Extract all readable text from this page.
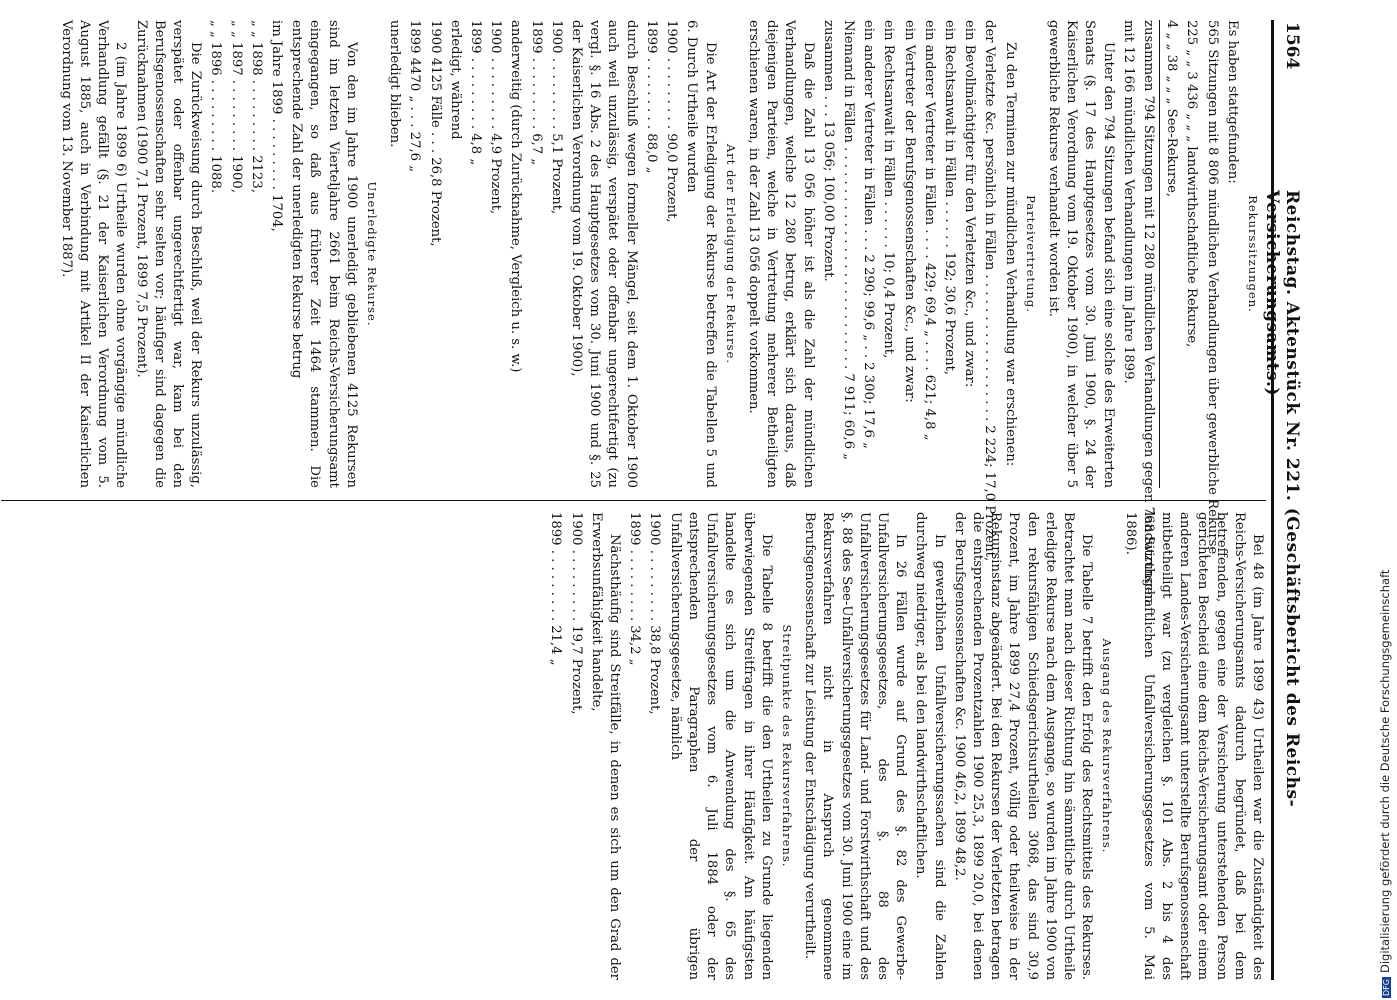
1564
Reichstag. Aktenstück Nr. 221. (Geschäftsbericht des Reichs-Versicherungsamts.)

Rekurssitzungen.

Es haben stattgefunden:

565 Sitzungen mit 8 806 mündlichen Verhandlungen über gewerbliche Rekurse,

225 „ „ 3 436 „ „ „ landwirthschaftliche Rekurse,

4 „ „ 38 „ „ „ See-Rekurse,

zusammen 794 Sitzungen mit 12 280 mündlichen Verhandlungen gegen 768 Sitzungen

mit 12 166 mündlichen Verhandlungen im Jahre 1899.

Unter den 794 Sitzungen befand sich eine solche des Erweiterten Senats (§. 17 des Hauptgesetzes vom 30. Juni 1900, §. 24 der Kaiserlichen Verordnung vom 19. Oktober 1900), in welcher über 5 gewerbliche Rekurse verhandelt worden ist.

Parteivertretung.

Zu den Terminen zur mündlichen Verhandlung war erschienen:

der Verletzte &c. persönlich in Fällen . . . . . . . . . . . . . . . . . . 2 224; 17,0 Prozent,

ein Bevollmächtigter für den Verletzten &c., und zwar:

ein Rechtsanwalt in Fällen . . . . . . 192; 30,6 Prozent,

ein anderer Vertreter in Fällen . . . . 429; 69,4 „ . . . . 621; 4,8 „

ein Vertreter der Berufsgenossenschaften &c., und zwar:

ein Rechtsanwalt in Fällen . . . . . . 10; 0,4 Prozent,

ein anderer Vertreter in Fällen . . . 2 290; 99,6 „ . . 2 300; 17,6 „

Niemand in Fällen . . . . . . . . . . . . . . . . . . . . . . . . . . . 7 911; 60,6 „

zusammen . . . 13 056; 100,00 Prozent.

Daß die Zahl 13 056 höher ist als die Zahl der mündlichen Verhandlungen, welche 12 280 betrug, erklärt sich daraus, daß diejenigen Parteien, welche in Vertretung mehrerer Betheiligten erschienen waren, in der Zahl 13 056 doppelt vorkommen.

Art der Erledigung der Rekurse.

Die Art der Erledigung der Rekurse betreffen die Tabellen 5 und 6. Durch Urtheile wurden

1900 . . . . . . . . . 90,0 Prozent,

1899 . . . . . . . . . 88,0 „

durch Beschluß wegen formeller Mängel, seit dem 1. Oktober 1900 auch weil unzulässig, verspätet oder offenbar ungerechtfertigt (zu vergl. §. 16 Abs. 2 des Hauptgesetzes vom 30. Juni 1900 und §. 25 der Kaiserlichen Verordnung vom 19. Oktober 1900),

1900 . . . . . . . . . 5,1 Prozent,

1899 . . . . . . . . . 6,7 „

anderweitig (durch Zurücknahme, Vergleich u. s. w.)

1900 . . . . . . . . . 4,9 Prozent,

1899 . . . . . . . . . 4,8 „

erledigt, während

1900 4125 Fälle . . . 26,8 Prozent,

1899 4470 „ . . . 27,6 „

unerledigt blieben.

Unerledigte Rekurse.

Von den im Jahre 1900 unerledigt gebliebenen 4125 Rekursen sind im letzten Vierteljahre 2661 beim Reichs-Versicherungsamt eingegangen, so daß aus früherer Zeit 1464 stammen. Die entsprechende Zahl der unerledigten Rekurse betrug

im Jahre 1899 . . . . . . . . . 1704,

„ „ 1898 . . . . . . . . . 2123,

„ „ 1897 . . . . . . . . . 1900,

„ „ 1896 . . . . . . . . . 1088.

Die Zurückweisung durch Beschluß, weil der Rekurs unzulässig, verspätet oder offenbar ungerechtfertigt war, kam bei den Berufsgenossenschaften sehr selten vor; häufiger sind dagegen die Zurücknahmen (1900 7,1 Prozent, 1899 7,5 Prozent).

2 (im Jahre 1899 6) Urtheile wurden ohne vorgängige mündliche Verhandlung gefällt (§. 21 der Kaiserlichen Verordnung vom 5. August 1885, auch in Verbindung mit Artikel II der Kaiserlichen Verordnung vom 13. November 1887).

Bei 48 (im Jahre 1899 43) Urtheilen war die Zuständigkeit des Reichs-Versicherungsamts dadurch begründet, daß bei dem betreffenden, gegen eine der Versicherung unterstehenden Person gerichteten Bescheid eine dem Reichs-Versicherungsamt oder einem anderen Landes-Versicherungsamt unterstellte Berufsgenossenschaft mitbetheiligt war (zu vergleichen §. 101 Abs. 2 bis 4 des landwirthschaftlichen Unfallversicherungsgesetzes vom 5. Mai 1886).

Ausgang des Rekursverfahrens.

Die Tabelle 7 betrifft den Erfolg des Rechtsmittels des Rekurses. Betrachtet man nach dieser Richtung hin sämmtliche durch Urtheile erledigte Rekurse nach dem Ausgange, so wurden im Jahre 1900 von den rekursfähigen Schiedsgerichtsurtheilen 3068, das sind 30,9 Prozent, im Jahre 1899 27,4 Prozent, völlig oder theilweise in der Rekursinstanz abgeändert. Bei den Rekursen der Verletzten betragen die entsprechenden Prozentzahlen 1900 25,3, 1899 20,0, bei denen der Berufsgenossenschaften &c. 1900 46,2, 1899 48,2.

In gewerblichen Unfallversicherungssachen sind die Zahlen durchweg niedriger, als bei den landwirthschaftlichen.

In 26 Fällen wurde auf Grund des §. 82 des Gewerbe-Unfallversicherungsgesetzes, des §. 88 des Unfallversicherungsgesetzes für Land- und Forstwirthschaft und des §. 88 des See-Unfallversicherungsgesetzes vom 30. Juni 1900 eine im Rekursverfahren nicht in Anspruch genommene Berufsgenossenschaft zur Leistung der Entschädigung verurtheilt.

Streitpunkte des Rekursverfahrens.

Die Tabelle 8 betrifft die den Urtheilen zu Grunde liegenden überwiegenden Streitfragen in ihrer Häufigkeit. Am häufigsten handelte es sich um die Anwendung des §. 65 des Unfallversicherungsgesetzes vom 6. Juli 1884 oder der entsprechenden Paragraphen der übrigen Unfallversicherungsgesetze, nämlich

1900 . . . . . . . . . 38,8 Prozent,

1899 . . . . . . . . . 34,2 „

Nächsthäufig sind Streitfälle, in denen es sich um den Grad der Erwerbsunfähigkeit handelte,

1900 . . . . . . . . . 19,7 Prozent,

1899 . . . . . . . . . 21,4 „

DFGDigitalisierung gefördert durch die Deutsche Forschungsgemeinschaft
